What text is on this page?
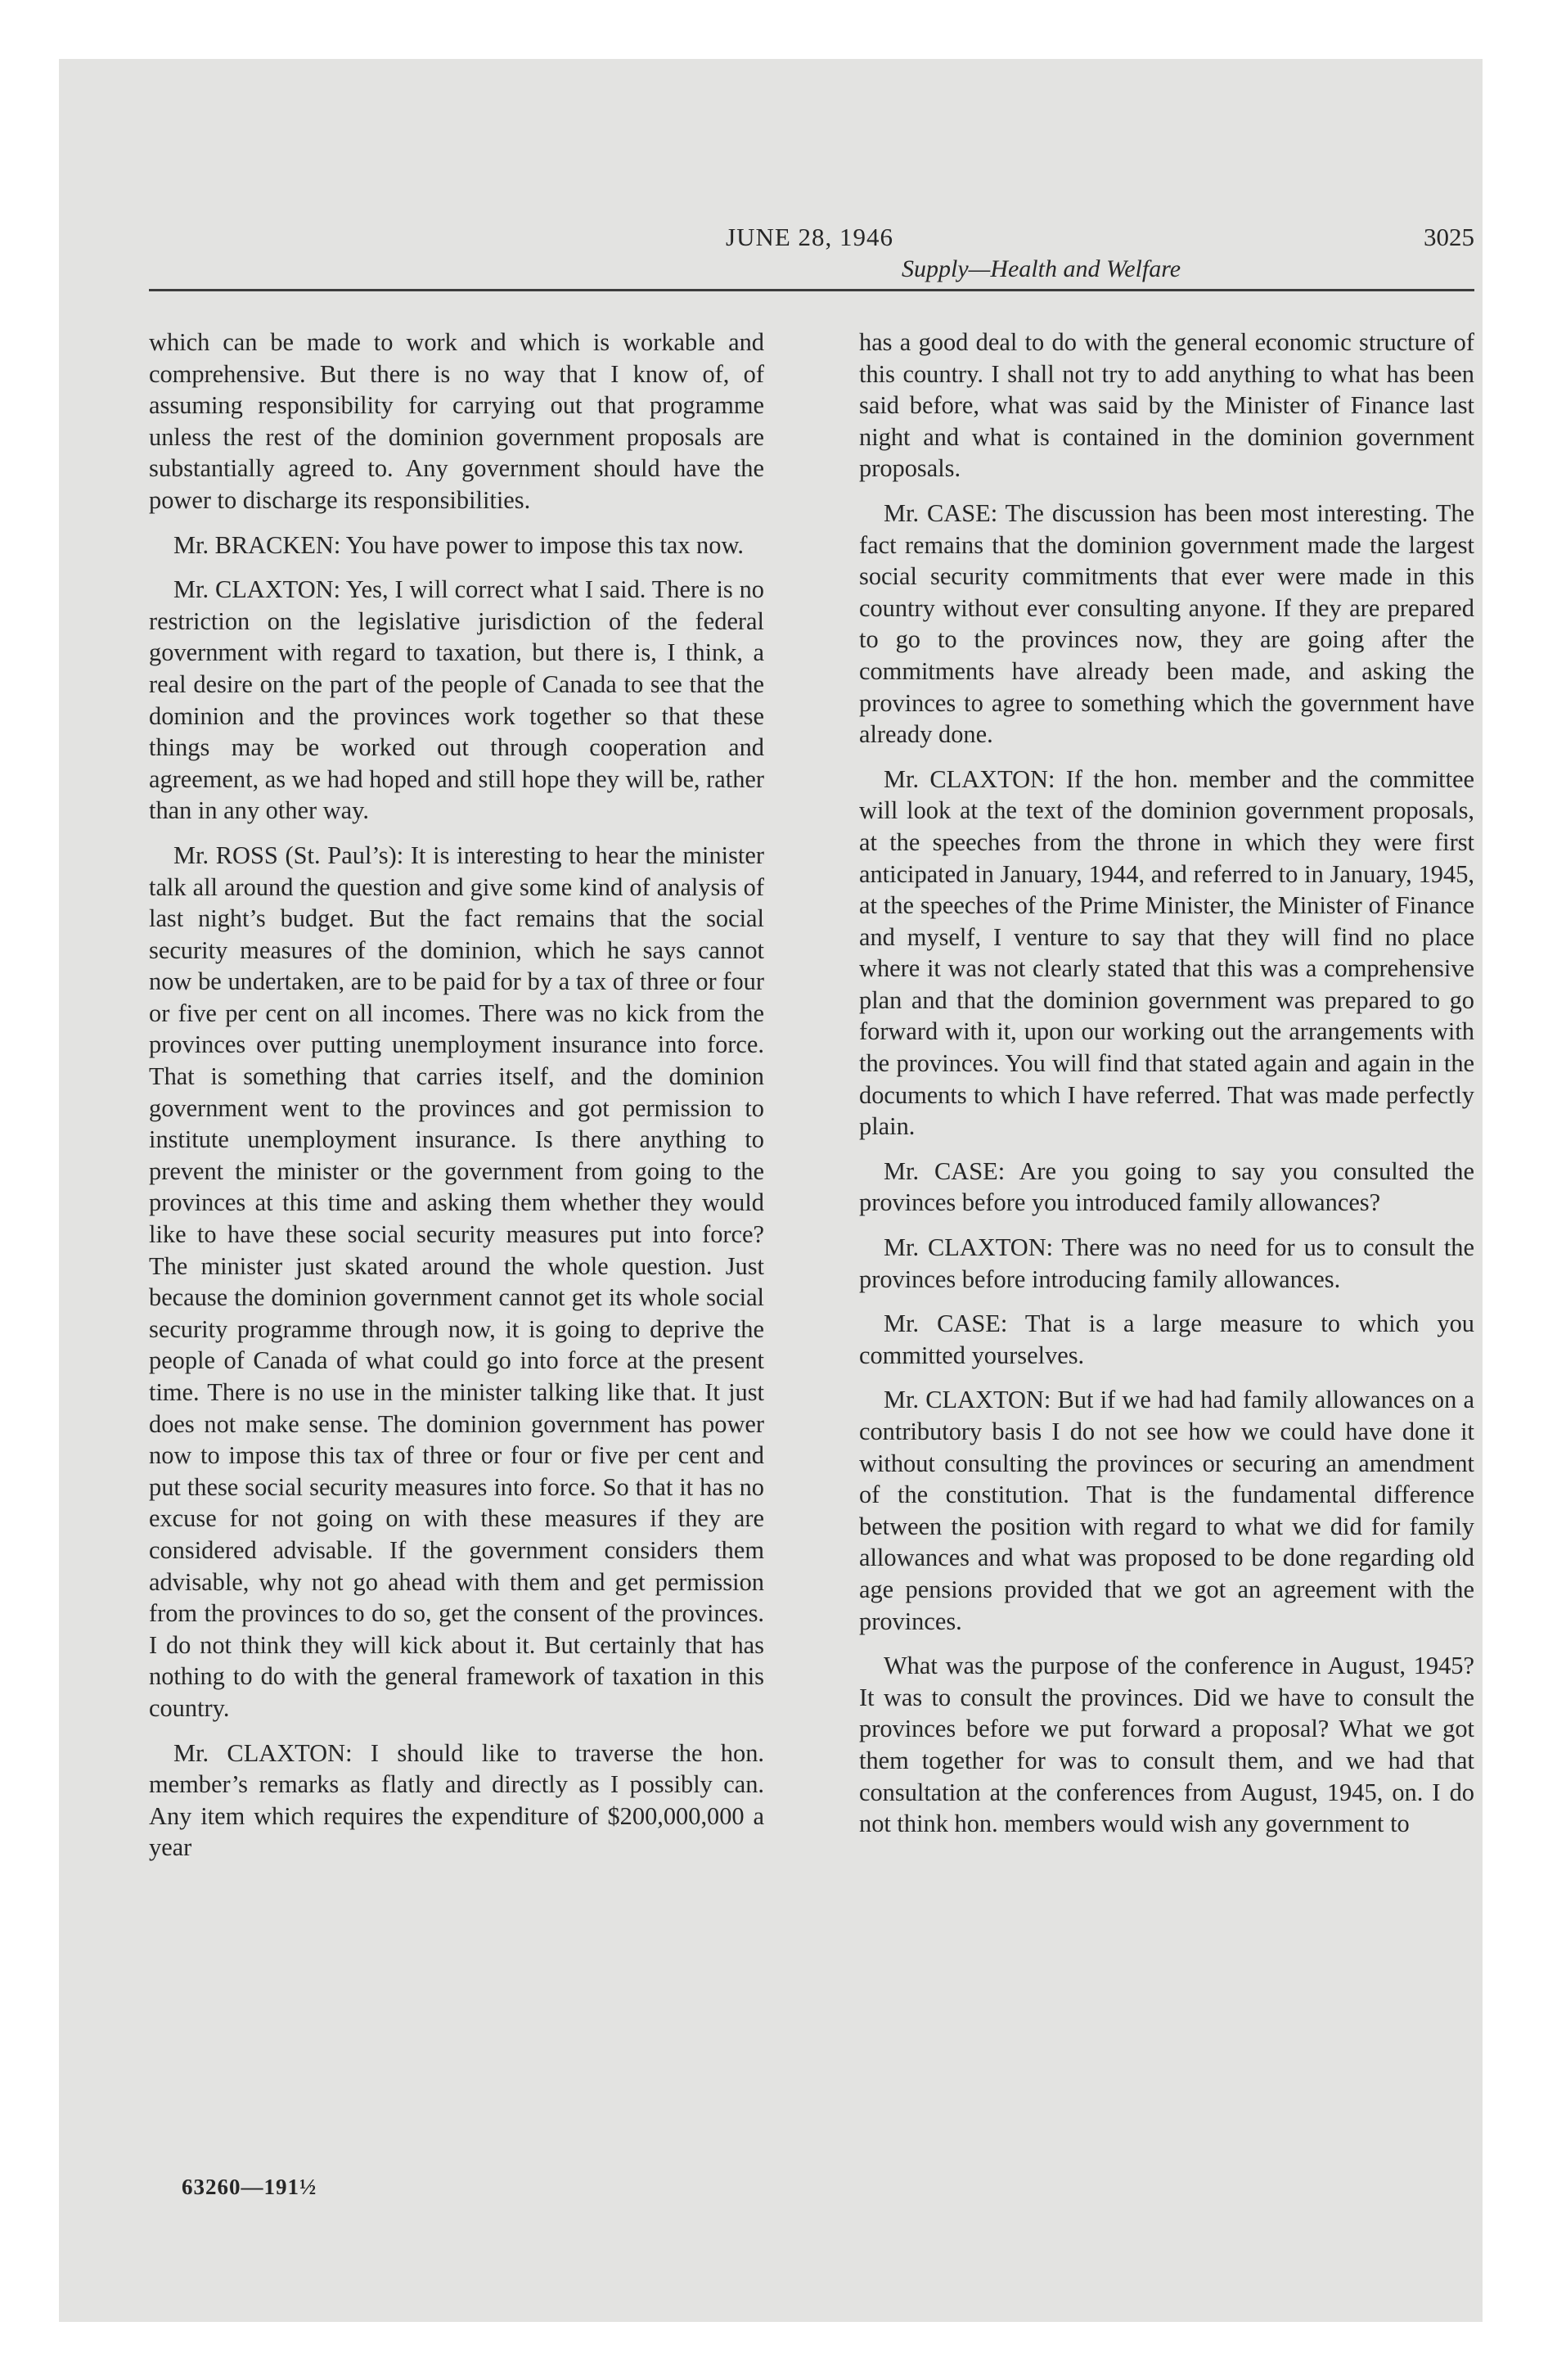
JUNE 28, 1946	3025
Supply—Health and Welfare

which can be made to work and which is workable and comprehensive. But there is no way that I know of, of assuming responsibility for carrying out that programme unless the rest of the dominion government proposals are substantially agreed to. Any government should have the power to discharge its responsibilities.

Mr. BRACKEN: You have power to impose this tax now.

Mr. CLAXTON: Yes, I will correct what I said. There is no restriction on the legislative jurisdiction of the federal government with regard to taxation, but there is, I think, a real desire on the part of the people of Canada to see that the dominion and the provinces work together so that these things may be worked out through cooperation and agreement, as we had hoped and still hope they will be, rather than in any other way.

Mr. ROSS (St. Paul’s): It is interesting to hear the minister talk all around the question and give some kind of analysis of last night’s budget. But the fact remains that the social security measures of the dominion, which he says cannot now be undertaken, are to be paid for by a tax of three or four or five per cent on all incomes. There was no kick from the provinces over putting unemployment insurance into force. That is something that carries itself, and the dominion government went to the provinces and got permission to institute unemployment insurance. Is there anything to prevent the minister or the government from going to the provinces at this time and asking them whether they would like to have these social security measures put into force? The minister just skated around the whole question. Just because the dominion government cannot get its whole social security programme through now, it is going to deprive the people of Canada of what could go into force at the present time. There is no use in the minister talking like that. It just does not make sense. The dominion government has power now to impose this tax of three or four or five per cent and put these social security measures into force. So that it has no excuse for not going on with these measures if they are considered advisable. If the government considers them advisable, why not go ahead with them and get permission from the provinces to do so, get the consent of the provinces. I do not think they will kick about it. But certainly that has nothing to do with the general framework of taxation in this country.

Mr. CLAXTON: I should like to traverse the hon. member’s remarks as flatly and directly as I possibly can. Any item which requires the expenditure of $200,000,000 a year

has a good deal to do with the general economic structure of this country. I shall not try to add anything to what has been said before, what was said by the Minister of Finance last night and what is contained in the dominion government proposals.

Mr. CASE: The discussion has been most interesting. The fact remains that the dominion government made the largest social security commitments that ever were made in this country without ever consulting anyone. If they are prepared to go to the provinces now, they are going after the commitments have already been made, and asking the provinces to agree to something which the government have already done.

Mr. CLAXTON: If the hon. member and the committee will look at the text of the dominion government proposals, at the speeches from the throne in which they were first anticipated in January, 1944, and referred to in January, 1945, at the speeches of the Prime Minister, the Minister of Finance and myself, I venture to say that they will find no place where it was not clearly stated that this was a comprehensive plan and that the dominion government was prepared to go forward with it, upon our working out the arrangements with the provinces. You will find that stated again and again in the documents to which I have referred. That was made perfectly plain.

Mr. CASE: Are you going to say you consulted the provinces before you introduced family allowances?

Mr. CLAXTON: There was no need for us to consult the provinces before introducing family allowances.

Mr. CASE: That is a large measure to which you committed yourselves.

Mr. CLAXTON: But if we had had family allowances on a contributory basis I do not see how we could have done it without consulting the provinces or securing an amendment of the constitution. That is the fundamental difference between the position with regard to what we did for family allowances and what was proposed to be done regarding old age pensions provided that we got an agreement with the provinces.

What was the purpose of the conference in August, 1945? It was to consult the provinces. Did we have to consult the provinces before we put forward a proposal? What we got them together for was to consult them, and we had that consultation at the conferences from August, 1945, on. I do not think hon. members would wish any government to

63260—191½
